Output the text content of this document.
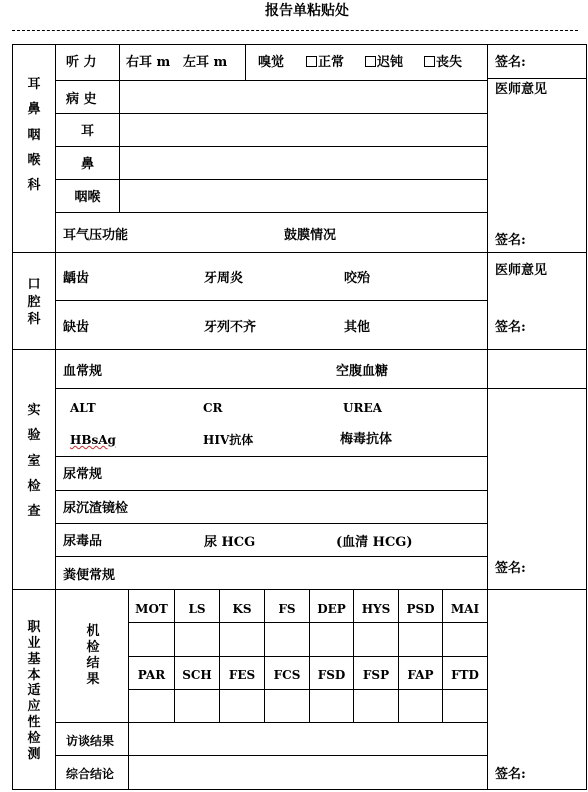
报告单粘贴处
耳鼻咽喉科
听 力 右耳 m 左耳 m 嗅觉	正常	迟钝	丧失
病 史
耳
鼻
咽喉
耳气压功能	鼓膜情况
签名:
医师意见
签名:
口腔科
龋齿	牙周炎	咬殆
缺齿	牙列不齐	其他
医师意见
签名:
实验室检查
血常规	空腹血糖
ALT	CR	UREA
HBsAg	HIV抗体	梅毒抗体
尿常规
尿沉渣镜检
尿毒品	尿 HCG	(血清 HCG)
粪便常规	签名:
职业基本适应性检测
机检结果
MOT	LS	KS	FS	DEP	HYS	PSD	MAI
PAR	SCH	FES	FCS	FSD	FSP	FAP	FTD
访谈结果
综合结论	签名:
